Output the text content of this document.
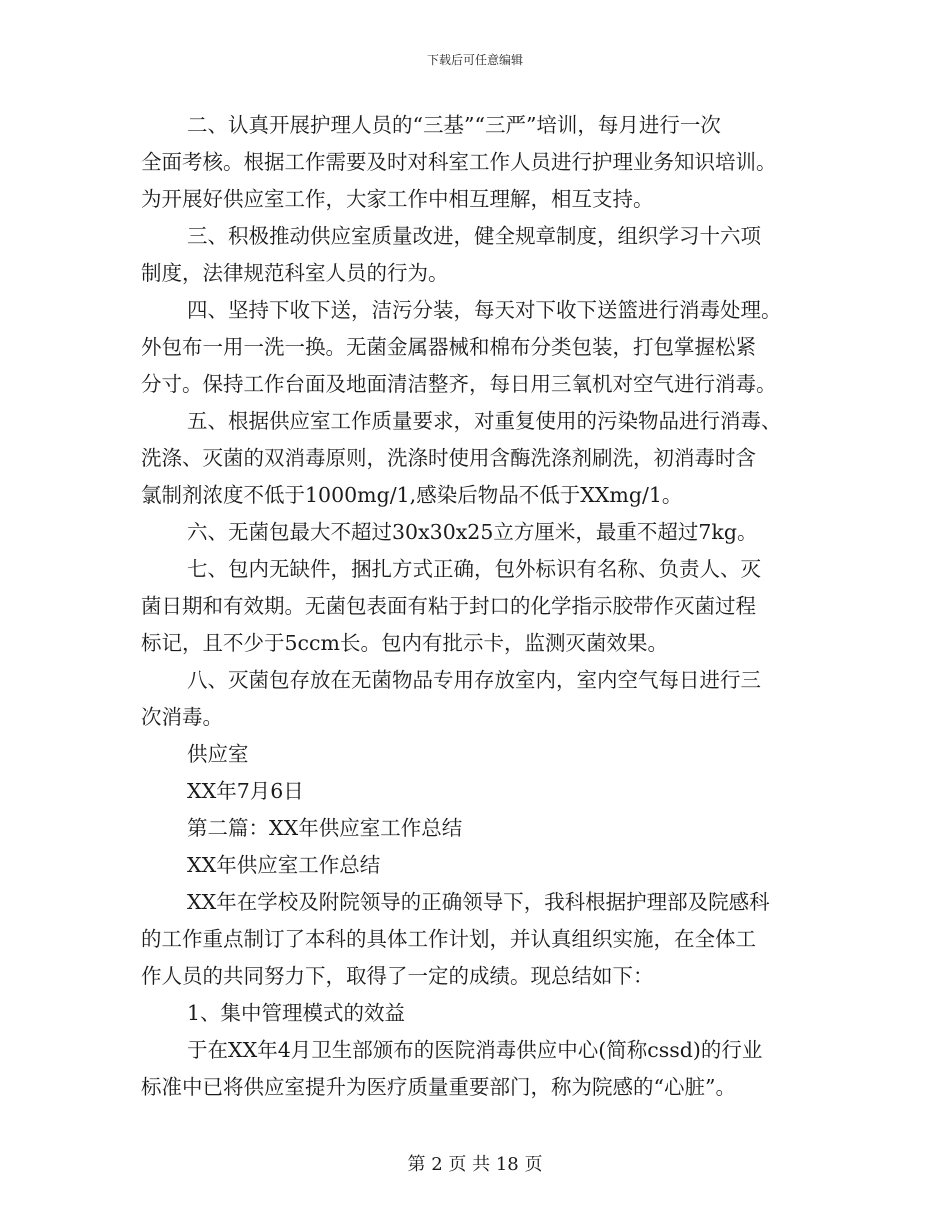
下载后可任意编辑
二、认真开展护理人员的“三基”“三严”培训，每月进行一次
全面考核。根据工作需要及时对科室工作人员进行护理业务知识培训。
为开展好供应室工作，大家工作中相互理解，相互支持。
三、积极推动供应室质量改进，健全规章制度，组织学习十六项
制度，法律规范科室人员的行为。
四、坚持下收下送，洁污分装，每天对下收下送篮进行消毒处理。
外包布一用一洗一换。无菌金属器械和棉布分类包装，打包掌握松紧
分寸。保持工作台面及地面清洁整齐，每日用三氧机对空气进行消毒。
五、根据供应室工作质量要求，对重复使用的污染物品进行消毒、
洗涤、灭菌的双消毒原则，洗涤时使用含酶洗涤剂刷洗，初消毒时含
氯制剂浓度不低于1000mg/1,感染后物品不低于XXmg/1。
六、无菌包最大不超过30x30x25立方厘米，最重不超过7kg。
七、包内无缺件，捆扎方式正确，包外标识有名称、负责人、灭
菌日期和有效期。无菌包表面有粘于封口的化学指示胶带作灭菌过程
标记，且不少于5ccm长。包内有批示卡，监测灭菌效果。
八、灭菌包存放在无菌物品专用存放室内，室内空气每日进行三
次消毒。
供应室
XX年7月6日
第二篇：XX年供应室工作总结
XX年供应室工作总结
XX年在学校及附院领导的正确领导下，我科根据护理部及院感科
的工作重点制订了本科的具体工作计划，并认真组织实施，在全体工
作人员的共同努力下，取得了一定的成绩。现总结如下：
1、集中管理模式的效益
于在XX年4月卫生部颁布的医院消毒供应中心(简称cssd)的行业
标准中已将供应室提升为医疗质量重要部门，称为院感的“心脏”。
第 2 页 共 18 页
